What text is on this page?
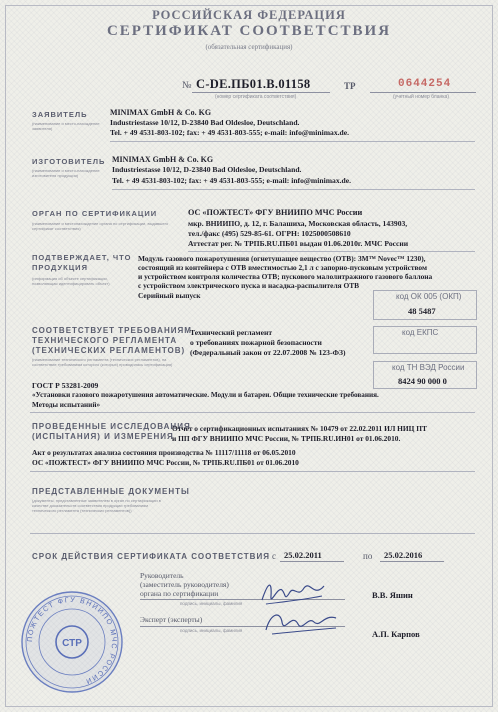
РОССИЙСКАЯ ФЕДЕРАЦИЯ
СЕРТИФИКАТ СООТВЕТСТВИЯ
(обязательная сертификация)
№ С-DE.ПБ01.В.01158
(номер сертификата соответствия)
ТР	0644254
(учетный номер бланка)
ЗАЯВИТЕЛЬ
(наименование и место-нахождение заявителя)
MINIMAX GmbH & Co. KG
Industriestasse 10/12, D-23840 Bad Oldesloe, Deutschland.
Tel. + 49 4531-803-102; fax: + 49 4531-803-555; e-mail: info@minimax.de.
ИЗГОТОВИТЕЛЬ
(наименование и место-нахождение изготовителя продукции)
MINIMAX GmbH & Co. KG
Industriestasse 10/12, D-23840 Bad Oldesloe, Deutschland.
Tel. + 49 4531-803-102; fax: + 49 4531-803-555; e-mail: info@minimax.de.
ОРГАН ПО СЕРТИФИКАЦИИ
(наименование и местонахождение органа по сертификации, выдавшего сертификат соответствия)
ОС «ПОЖТЕСТ» ФГУ ВНИИПО МЧС России
мкр. ВНИИПО, д. 12, г. Балашиха, Московская область, 143903,
тел./факс (495) 529-85-61. ОГРН: 1025000508610
Аттестат рег. № ТРПБ.RU.ПБ01 выдан 01.06.2010г. МЧС России
ПОДТВЕРЖДАЕТ, ЧТО
ПРОДУКЦИЯ
(информация об объекте сертификации, позволяющая идентифицировать объект)
Модуль газового пожаротушения (огнетушащее вещество (ОТВ): 3M™ Novec™ 1230),
состоящий из контейнера с ОТВ вместимостью 2,1 л с запорно-пусковым устройством
и устройством контроля количества ОТВ; пускового малолитражного газового баллона
с устройством электрического пуска и насадка-распылителя ОТВ
Серийный выпуск	код ОК 005 (ОКП)
48 5487
СООТВЕТСТВУЕТ ТРЕБОВАНИЯМ
ТЕХНИЧЕСКОГО РЕГЛАМЕНТА
(ТЕХНИЧЕСКИХ РЕГЛАМЕНТОВ)
(наименование технического регламента (технических регламентов), на соответствие требованиям которого (которых) проводилась сертификация)
Технический регламент
о требованиях пожарной безопасности
(Федеральный закон от 22.07.2008 № 123-ФЗ)
код ЕКПС
ГОСТ Р 53281-2009
«Установки газового пожаротушения автоматические. Модули и батареи. Общие технические требования.
Методы испытаний»
код ТН ВЭД России
8424 90 000 0
ПРОВЕДЕННЫЕ ИССЛЕДОВАНИЯ
(ИСПЫТАНИЯ) И ИЗМЕРЕНИЯ
Отчет о сертификационных испытаниях № 10479 от 22.02.2011 ИЛ НИЦ ПТ
и ПП ФГУ ВНИИПО МЧС России, № ТРПБ.RU.ИН01 от 01.06.2010.
Акт о результатах анализа состояния производства № 11117/11118 от 06.05.2010
ОС «ПОЖТЕСТ» ФГУ ВНИИПО МЧС России, № ТРПБ.RU.ПБ01 от 01.06.2010
ПРЕДСТАВЛЕННЫЕ ДОКУМЕНТЫ
(документы, представленные заявителем в орган по сертификации в качестве доказательств соответствия продукции требованиям технического регламента (технических регламентов))
СРОК ДЕЙСТВИЯ СЕРТИФИКАТА СООТВЕТСТВИЯ с 25.02.2011	по 25.02.2016
Руководитель
(заместитель руководителя)
органа по сертификации
подпись, инициалы, фамилия
В.В. Яшин
Эксперт (эксперты)
подпись, инициалы, фамилия	А.П. Карпов
ПОЖТЕСТ ФГУ ВНИИПО МЧС РОССИИ
СТР
